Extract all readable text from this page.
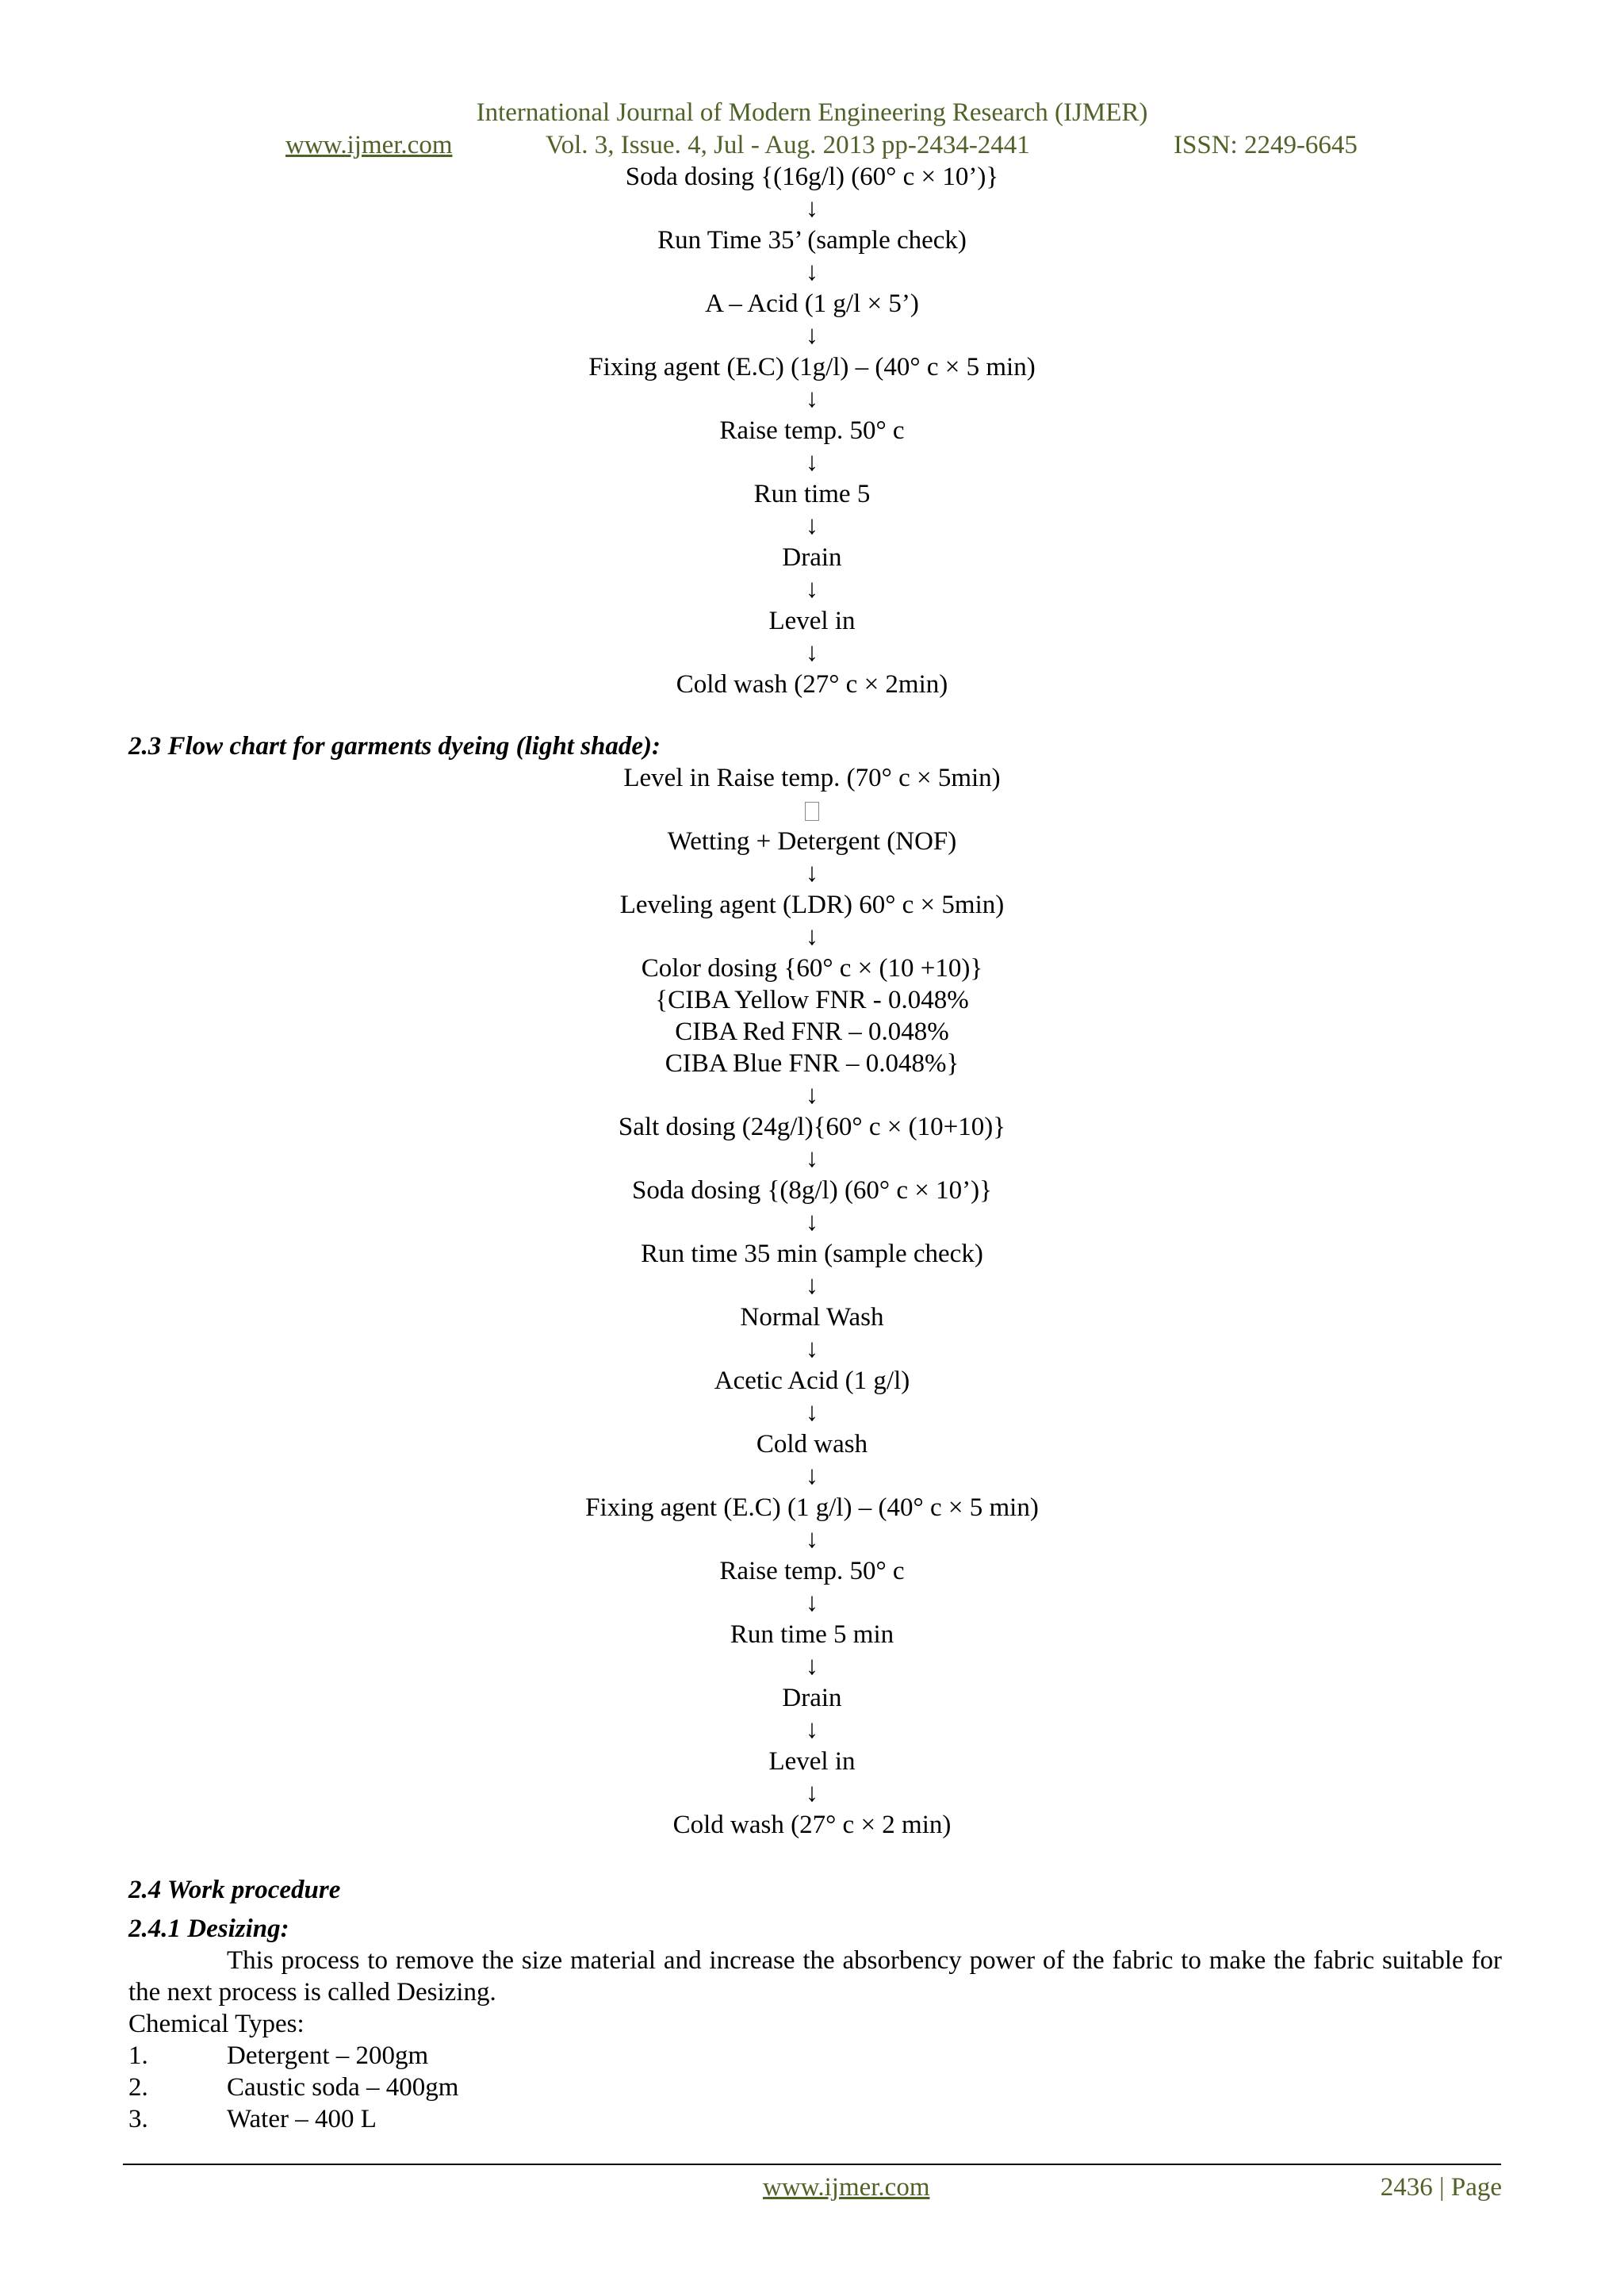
International Journal of Modern Engineering Research (IJMER)
www.ijmer.com	Vol. 3, Issue. 4, Jul - Aug. 2013 pp-2434-2441	ISSN: 2249-6645
Soda dosing {(16g/l) (60° c × 10’)}
↓
Run Time 35’ (sample check)
↓
A – Acid (1 g/l × 5’)
↓
Fixing agent (E.C) (1g/l) – (40° c × 5 min)
↓
Raise temp. 50° c
↓
Run time 5
↓
Drain
↓
Level in
↓
Cold wash (27° c × 2min)
2.3 Flow chart for garments dyeing (light shade):
Level in Raise temp. (70° c × 5min)
Wetting + Detergent (NOF)
↓
Leveling agent (LDR) 60° c × 5min)
↓
Color dosing {60° c × (10 +10)}
{CIBA Yellow FNR - 0.048%
CIBA Red FNR – 0.048%
CIBA Blue FNR – 0.048%}
↓
Salt dosing (24g/l){60° c × (10+10)}
↓
Soda dosing {(8g/l) (60° c × 10’)}
↓
Run time 35 min (sample check)
↓
Normal Wash
↓
Acetic Acid (1 g/l)
↓
Cold wash
↓
Fixing agent (E.C) (1 g/l) – (40° c × 5 min)
↓
Raise temp. 50° c
↓
Run time 5 min
↓
Drain
↓
Level in
↓
Cold wash (27° c × 2 min)
2.4 Work procedure
2.4.1 Desizing:
This process to remove the size material and increase the absorbency power of the fabric to make the fabric suitable for the next process is called Desizing.
Chemical Types:
1.	Detergent – 200gm
2.	Caustic soda – 400gm
3.	Water – 400 L
www.ijmer.com	2436 | Page
